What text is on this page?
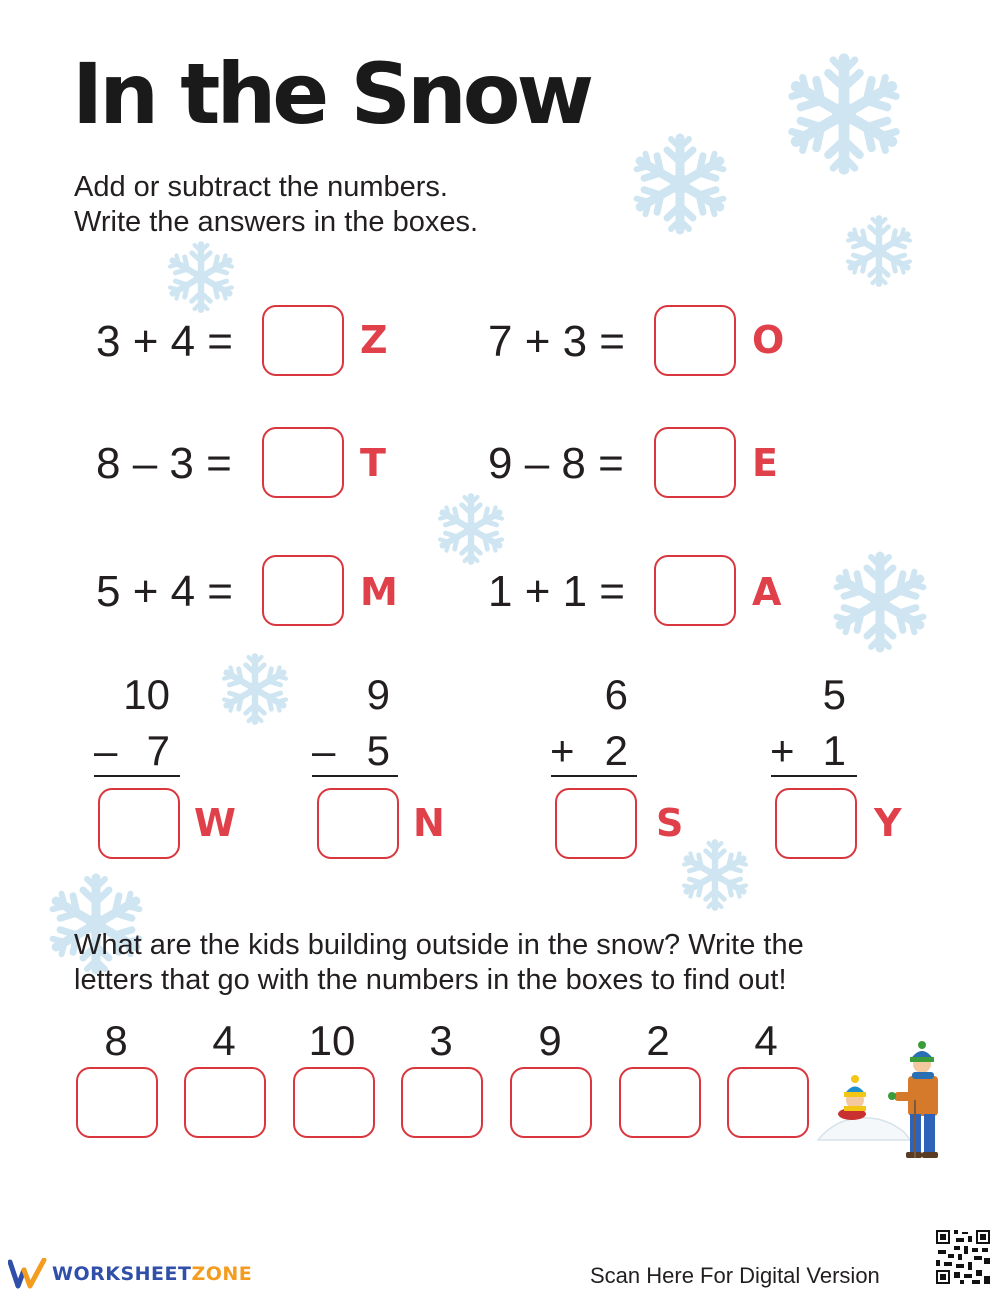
In the Snow
Add or subtract the numbers.
Write the answers in the boxes.
3 + 4 =	Z 7 + 3 =	O
8 – 3 =	T 9 – 8 =	E
5 + 4 =	M 1 + 1 =	A
10
– 7
W
9
– 5
N
6
+ 2
S
5
+ 1
Y
What are the kids building outside in the snow? Write the
letters that go with the numbers in the boxes to find out!
8	4	10	3	9	2	4
WORKSHEETZONE	Scan Here For Digital Version
